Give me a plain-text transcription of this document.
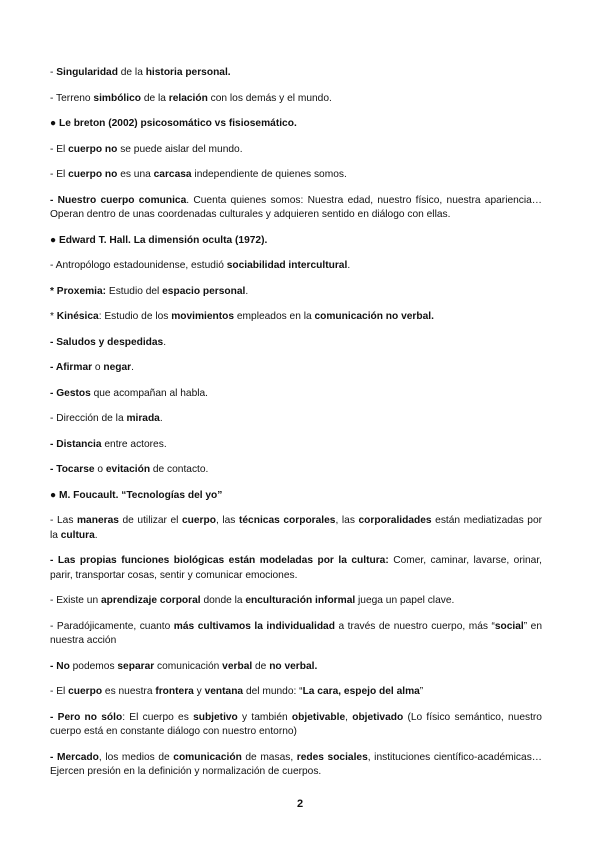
- Singularidad de la historia personal.

- Terreno simbólico de la relación con los demás y el mundo.

● Le breton (2002) psicosomático vs fisiosemático.

- El cuerpo no se puede aislar del mundo.

- El cuerpo no es una carcasa independiente de quienes somos.

- Nuestro cuerpo comunica. Cuenta quienes somos: Nuestra edad, nuestro físico, nuestra apariencia… Operan dentro de unas coordenadas culturales y adquieren sentido en diálogo con ellas.

● Edward T. Hall. La dimensión oculta (1972).

- Antropólogo estadounidense, estudió sociabilidad intercultural.

* Proxemia: Estudio del espacio personal.

* Kinésica: Estudio de los movimientos empleados en la comunicación no verbal.

- Saludos y despedidas.

- Afirmar o negar.

- Gestos que acompañan al habla.

- Dirección de la mirada.

- Distancia entre actores.

- Tocarse o evitación de contacto.

● M. Foucault. “Tecnologías del yo”

- Las maneras de utilizar el cuerpo, las técnicas corporales, las corporalidades están mediatizadas por la cultura.

- Las propias funciones biológicas están modeladas por la cultura: Comer, caminar, lavarse, orinar, parir, transportar cosas, sentir y comunicar emociones.

- Existe un aprendizaje corporal donde la enculturación informal juega un papel clave.

- Paradójicamente, cuanto más cultivamos la individualidad a través de nuestro cuerpo, más “social” en nuestra acción

- No podemos separar comunicación verbal de no verbal.

- El cuerpo es nuestra frontera y ventana del mundo: “La cara, espejo del alma”

- Pero no sólo: El cuerpo es subjetivo y también objetivable, objetivado (Lo físico semántico, nuestro cuerpo está en constante diálogo con nuestro entorno)

- Mercado, los medios de comunicación de masas, redes sociales, instituciones científico-académicas… Ejercen presión en la definición y normalización de cuerpos.

2
